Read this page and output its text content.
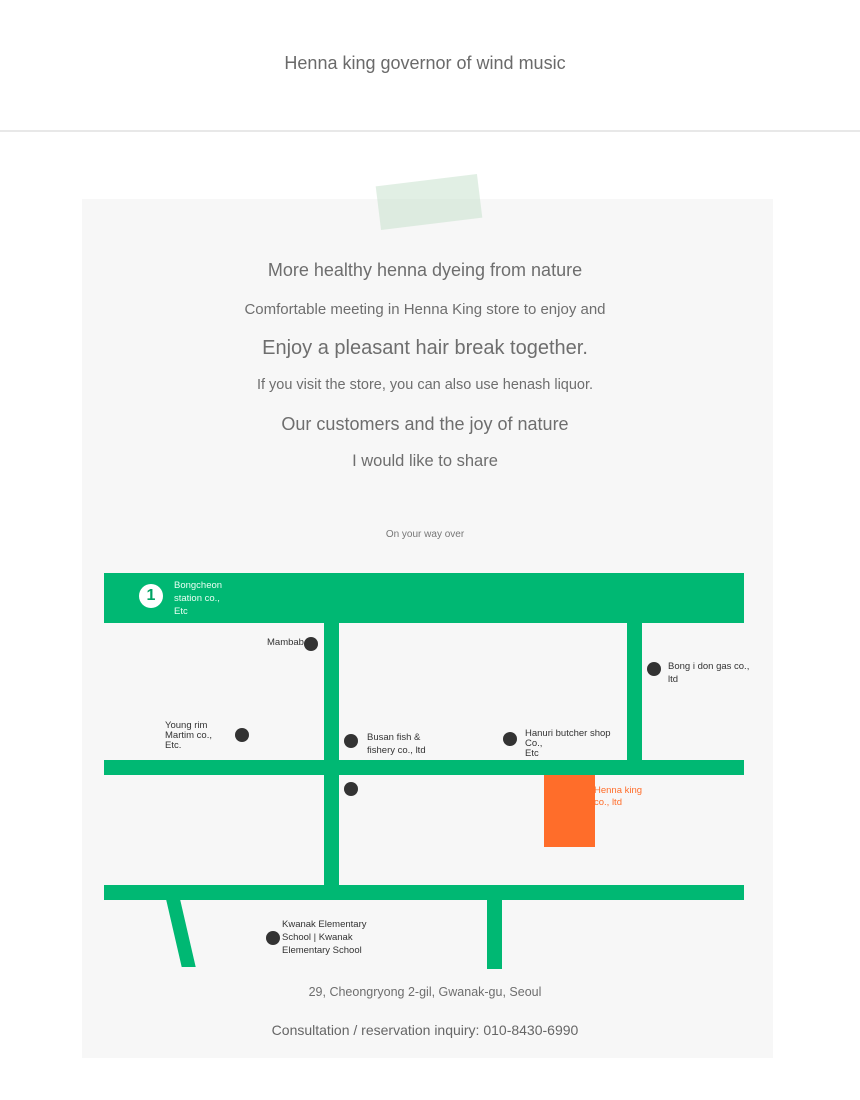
Henna king governor of wind music
More healthy henna dyeing from nature
Comfortable meeting in Henna King store to enjoy and
Enjoy a pleasant hair break together.
If you visit the store, you can also use henash liquor.
Our customers and the joy of nature
I would like to share
On your way over
1
Bongcheon
station co.,
Etc
Mambab
Bong i don gas co.,
ltd
Young rim
Martim co.,
Etc.
Busan fish &
fishery co., ltd
Hanuri butcher shop
Co.,
Etc
Henna king
co., ltd
Kwanak Elementary
School | Kwanak
Elementary School
29, Cheongryong 2-gil, Gwanak-gu, Seoul
Consultation / reservation inquiry: 010-8430-6990
